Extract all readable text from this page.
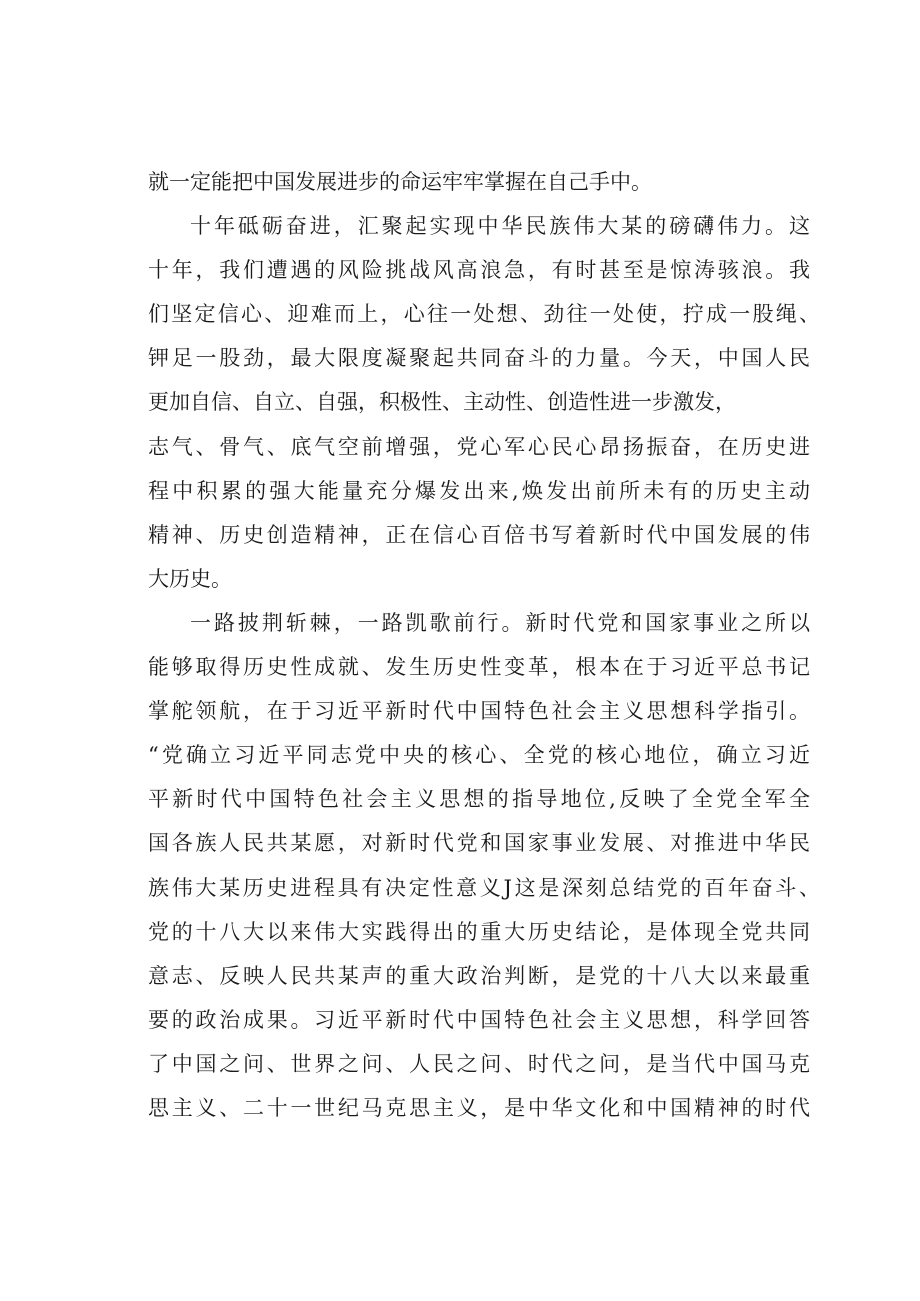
就一定能把中国发展进步的命运牢牢掌握在自己手中。
十年砥砺奋进，汇聚起实现中华民族伟大某的磅礴伟力。这
十年，我们遭遇的风险挑战风高浪急，有时甚至是惊涛骇浪。我
们坚定信心、迎难而上，心往一处想、劲往一处使，拧成一股绳、
钾足一股劲，最大限度凝聚起共同奋斗的力量。今天，中国人民
更加自信、自立、自强，积极性、主动性、创造性进一步激发，
志气、骨气、底气空前增强，党心军心民心昂扬振奋，在历史进
程中积累的强大能量充分爆发出来,焕发出前所未有的历史主动
精神、历史创造精神，正在信心百倍书写着新时代中国发展的伟
大历史。
一路披荆斩棘，一路凯歌前行。新时代党和国家事业之所以
能够取得历史性成就、发生历史性变革，根本在于习近平总书记
掌舵领航，在于习近平新时代中国特色社会主义思想科学指引。
“党确立习近平同志党中央的核心、全党的核心地位，确立习近
平新时代中国特色社会主义思想的指导地位,反映了全党全军全
国各族人民共某愿，对新时代党和国家事业发展、对推进中华民
族伟大某历史进程具有决定性意义J这是深刻总结党的百年奋斗、
党的十八大以来伟大实践得出的重大历史结论，是体现全党共同
意志、反映人民共某声的重大政治判断，是党的十八大以来最重
要的政治成果。习近平新时代中国特色社会主义思想，科学回答
了中国之问、世界之问、人民之问、时代之问，是当代中国马克
思主义、二十一世纪马克思主义，是中华文化和中国精神的时代
